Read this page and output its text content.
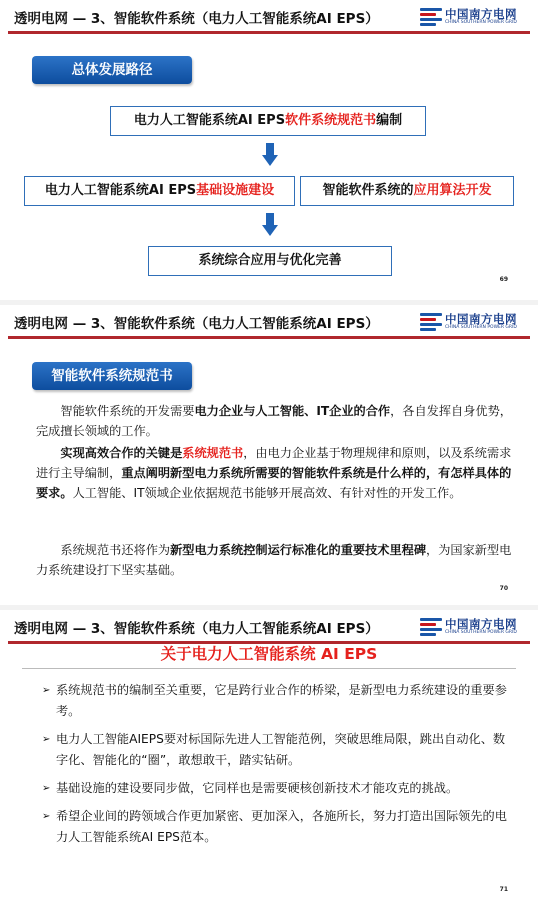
透明电网 — 3、智能软件系统（电力人工智能系统AI EPS）	中国南方电网
CHINA SOUTHERN POWER GRID
总体发展路径
电力人工智能系统AI EPS软件系统规范书编制
电力人工智能系统AI EPS基础设施建设	智能软件系统的应用算法开发
系统综合应用与优化完善
69
透明电网 — 3、智能软件系统（电力人工智能系统AI EPS）	中国南方电网
CHINA SOUTHERN POWER GRID
智能软件系统规范书

智能软件系统的开发需要电力企业与人工智能、IT企业的合作，各自发挥自身优势，完成擅长领域的工作。

实现高效合作的关键是系统规范书，由电力企业基于物理规律和原则，以及系统需求进行主导编制，重点阐明新型电力系统所需要的智能软件系统是什么样的，有怎样具体的要求。人工智能、IT领域企业依据规范书能够开展高效、有针对性的开发工作。

系统规范书还将作为新型电力系统控制运行标准化的重要技术里程碑，为国家新型电力系统建设打下坚实基础。

70
透明电网 — 3、智能软件系统（电力人工智能系统AI EPS）	中国南方电网
CHINA SOUTHERN POWER GRID
关于电力人工智能系统 AI EPS
➢ 系统规范书的编制至关重要，它是跨行业合作的桥梁，是新型电力系统建设的重要参考。
➢ 电力人工智能AIEPS要对标国际先进人工智能范例，突破思维局限，跳出自动化、数字化、智能化的“圈”，敢想敢干，踏实钻研。
➢ 基础设施的建设要同步做，它同样也是需要硬核创新技术才能攻克的挑战。
➢ 希望企业间的跨领域合作更加紧密、更加深入，各施所长，努力打造出国际领先的电力人工智能系统AI EPS范本。
71
